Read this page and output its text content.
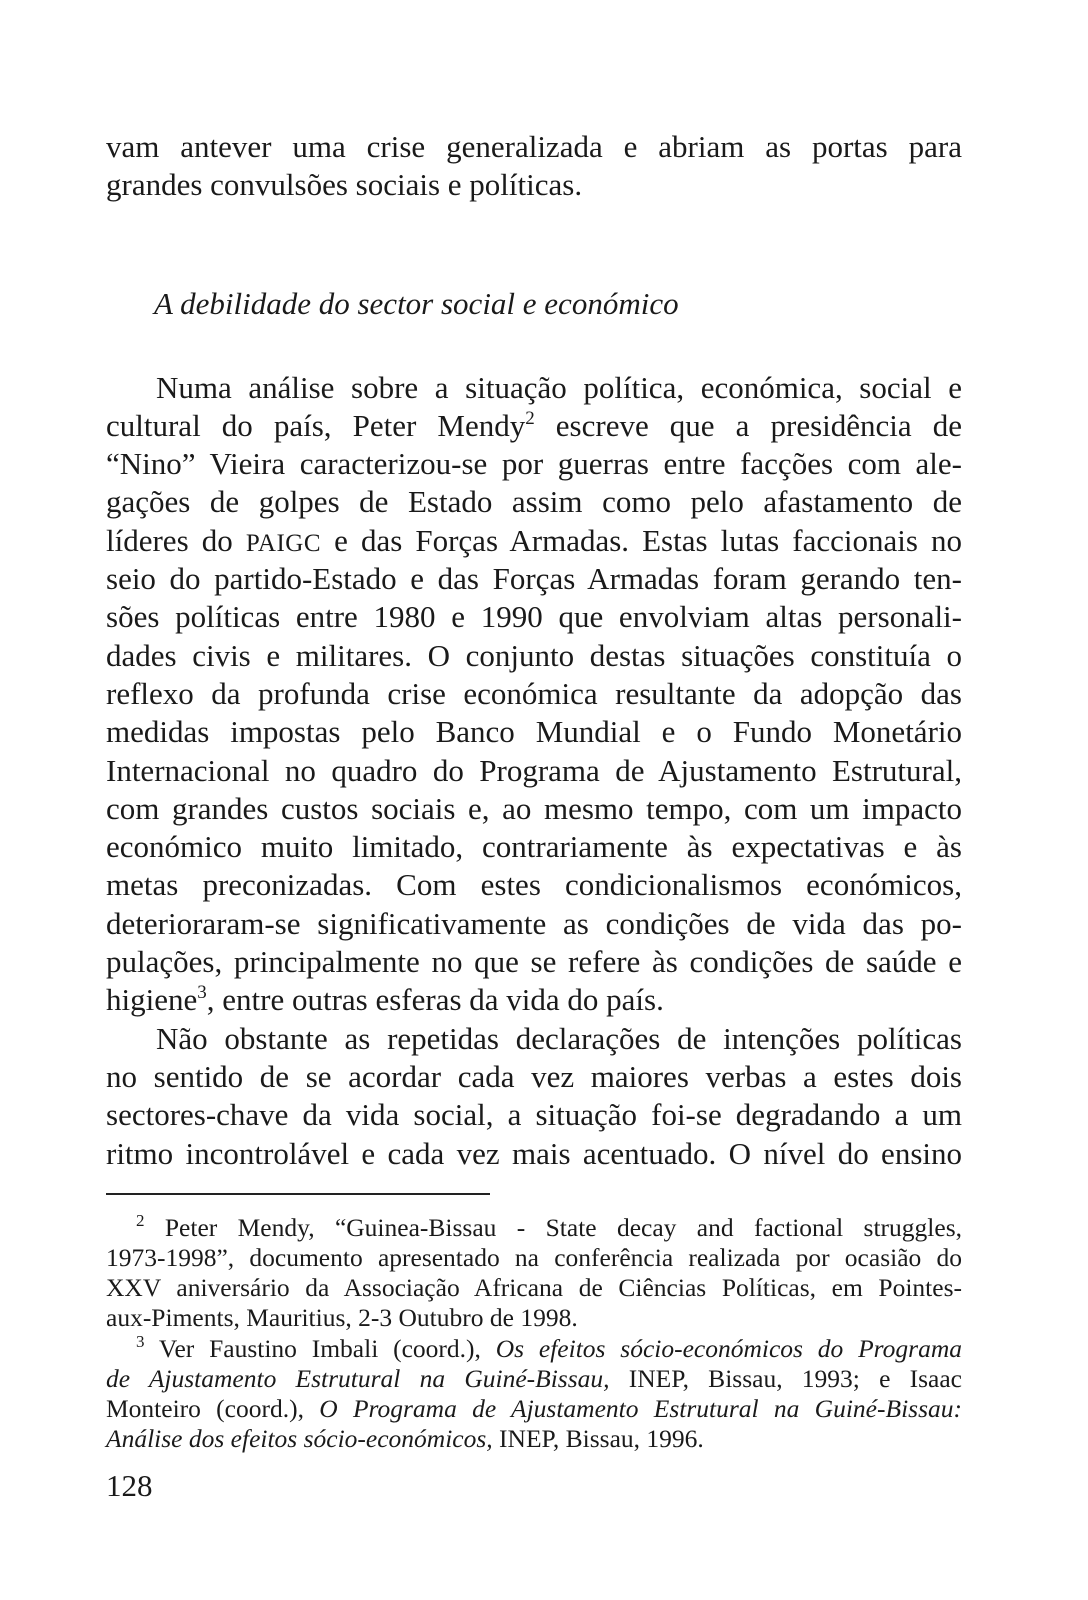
vam antever uma crise generalizada e abriam as portas para
grandes convulsões sociais e políticas.
A debilidade do sector social e económico
Numa análise sobre a situação política, económica, social e
cultural do país, Peter Mendy$^2$ escreve que a presidência de
“Nino” Vieira caracterizou-se por guerras entre facções com ale-
gações de golpes de Estado assim como pelo afastamento de
líderes do PAIGC e das Forças Armadas. Estas lutas faccionais no
seio do partido-Estado e das Forças Armadas foram gerando ten-
sões políticas entre 1980 e 1990 que envolviam altas personali-
dades civis e militares. O conjunto destas situações constituía o
reflexo da profunda crise económica resultante da adopção das
medidas impostas pelo Banco Mundial e o Fundo Monetário
Internacional no quadro do Programa de Ajustamento Estrutural,
com grandes custos sociais e, ao mesmo tempo, com um impacto
económico muito limitado, contrariamente às expectativas e às
metas preconizadas. Com estes condicionalismos económicos,
deterioraram-se significativamente as condições de vida das po-
pulações, principalmente no que se refere às condições de saúde e
higiene$^3$, entre outras esferas da vida do país.
Não obstante as repetidas declarações de intenções políticas
no sentido de se acordar cada vez maiores verbas a estes dois
sectores-chave da vida social, a situação foi-se degradando a um
ritmo incontrolável e cada vez mais acentuado. O nível do ensino
$^2$ Peter Mendy, “Guinea-Bissau - State decay and factional struggles,
1973-1998”, documento apresentado na conferência realizada por ocasião do
XXV aniversário da Associação Africana de Ciências Políticas, em Pointes-
aux-Piments, Mauritius, 2-3 Outubro de 1998.
$^3$ Ver Faustino Imbali (coord.), Os efeitos sócio-económicos do Programa
de Ajustamento Estrutural na Guiné-Bissau, INEP, Bissau, 1993; e Isaac
Monteiro (coord.), O Programa de Ajustamento Estrutural na Guiné-Bissau:
Análise dos efeitos sócio-económicos, INEP, Bissau, 1996.
128
